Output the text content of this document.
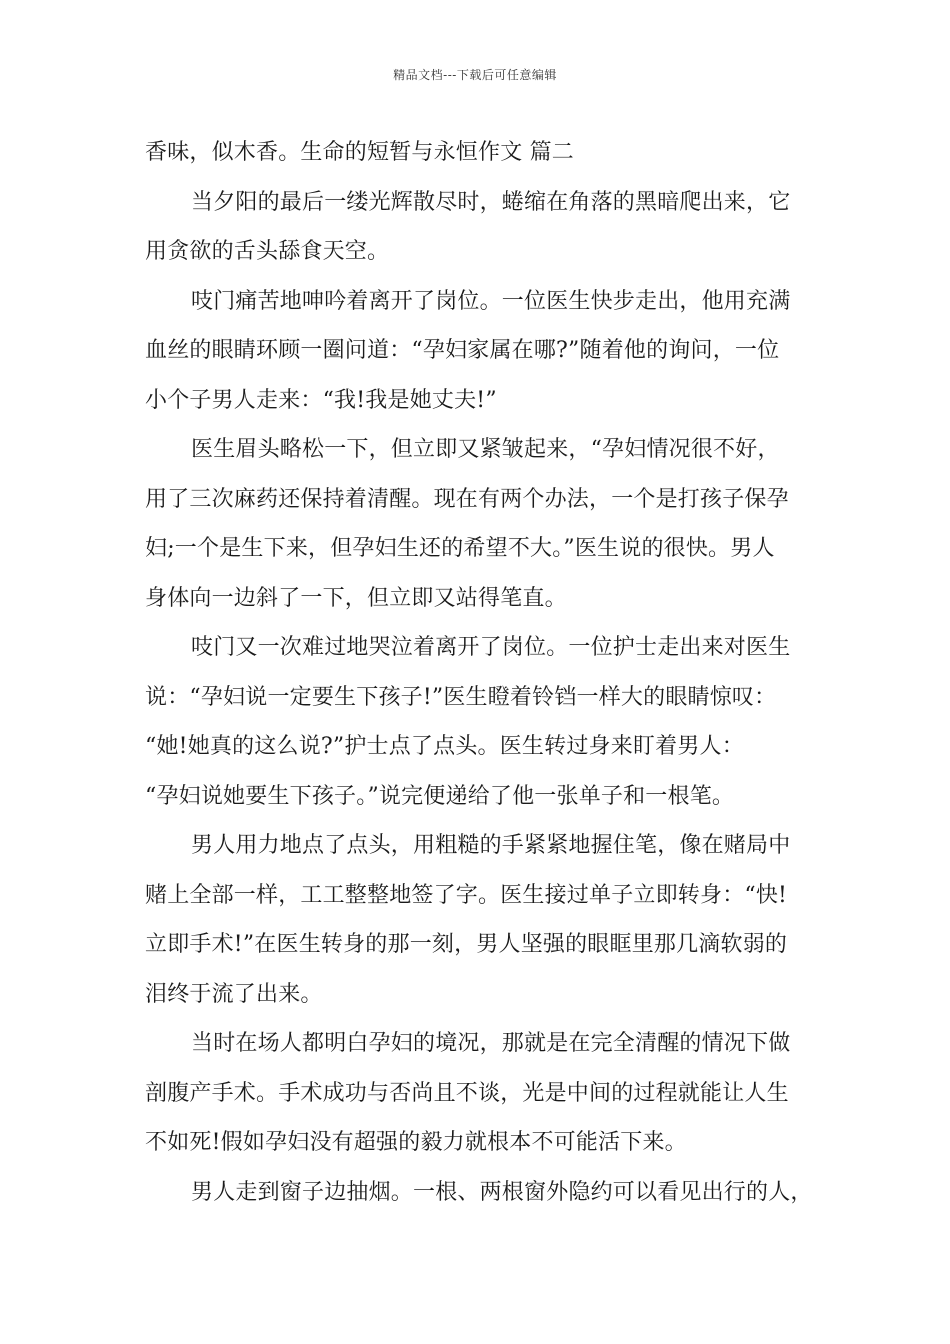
精品文档---下载后可任意编辑
香味，似木香。生命的短暂与永恒作文 篇二
当夕阳的最后一缕光辉散尽时，蜷缩在角落的黑暗爬出来，它
用贪欲的舌头舔食天空。
吱门痛苦地呻吟着离开了岗位。一位医生快步走出，他用充满
血丝的眼睛环顾一圈问道：“孕妇家属在哪?”随着他的询问，一位
小个子男人走来：“我!我是她丈夫!”
医生眉头略松一下，但立即又紧皱起来，“孕妇情况很不好，
用了三次麻药还保持着清醒。现在有两个办法，一个是打孩子保孕
妇;一个是生下来，但孕妇生还的希望不大。”医生说的很快。男人
身体向一边斜了一下，但立即又站得笔直。
吱门又一次难过地哭泣着离开了岗位。一位护士走出来对医生
说：“孕妇说一定要生下孩子!”医生瞪着铃铛一样大的眼睛惊叹：
“她!她真的这么说?”护士点了点头。医生转过身来盯着男人：
“孕妇说她要生下孩子。”说完便递给了他一张单子和一根笔。
男人用力地点了点头，用粗糙的手紧紧地握住笔，像在赌局中
赌上全部一样，工工整整地签了字。医生接过单子立即转身：“快!
立即手术!”在医生转身的那一刻，男人坚强的眼眶里那几滴软弱的
泪终于流了出来。
当时在场人都明白孕妇的境况，那就是在完全清醒的情况下做
剖腹产手术。手术成功与否尚且不谈，光是中间的过程就能让人生
不如死!假如孕妇没有超强的毅力就根本不可能活下来。
男人走到窗子边抽烟。一根、两根窗外隐约可以看见出行的人，
